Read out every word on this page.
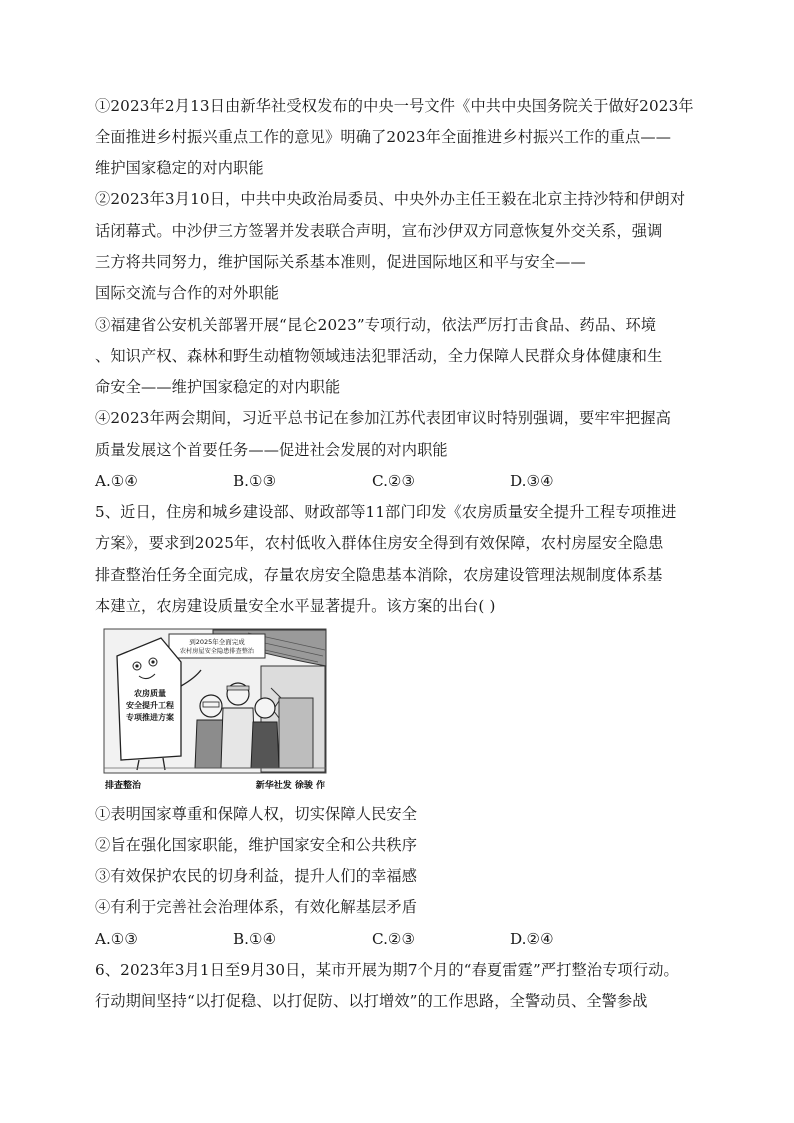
①2023年2月13日由新华社受权发布的中央一号文件《中共中央国务院关于做好2023年
全面推进乡村振兴重点工作的意见》明确了2023年全面推进乡村振兴工作的重点——
维护国家稳定的对内职能
②2023年3月10日，中共中央政治局委员、中央外办主任王毅在北京主持沙特和伊朗对
话闭幕式。中沙伊三方签署并发表联合声明，宣布沙伊双方同意恢复外交关系，强调
三方将共同努力，维护国际关系基本准则，促进国际地区和平与安全——
国际交流与合作的对外职能
③福建省公安机关部署开展“昆仑2023”专项行动，依法严厉打击食品、药品、环境
、知识产权、森林和野生动植物领域违法犯罪活动，全力保障人民群众身体健康和生
命安全——维护国家稳定的对内职能
④2023年两会期间，习近平总书记在参加江苏代表团审议时特别强调，要牢牢把握高
质量发展这个首要任务——促进社会发展的对内职能
A.①④	B.①③	C.②③	D.③④
5、近日，住房和城乡建设部、财政部等11部门印发《农房质量安全提升工程专项推进
方案》，要求到2025年，农村低收入群体住房安全得到有效保障，农村房屋安全隐患
排查整治任务全面完成，存量农房安全隐患基本消除，农房建设管理法规制度体系基
本建立，农房建设质量安全水平显著提升。该方案的出台( )
到2025年全面完成
农村房屋安全隐患排查整治
农房质量
安全提升工程
专项推进方案
排查整治	新华社发 徐骏 作
①表明国家尊重和保障人权，切实保障人民安全
②旨在强化国家职能，维护国家安全和公共秩序
③有效保护农民的切身利益，提升人们的幸福感
④有利于完善社会治理体系，有效化解基层矛盾
A.①③	B.①④	C.②③	D.②④
6、2023年3月1日至9月30日，某市开展为期7个月的“春夏雷霆”严打整治专项行动。
行动期间坚持“以打促稳、以打促防、以打增效”的工作思路，全警动员、全警参战
